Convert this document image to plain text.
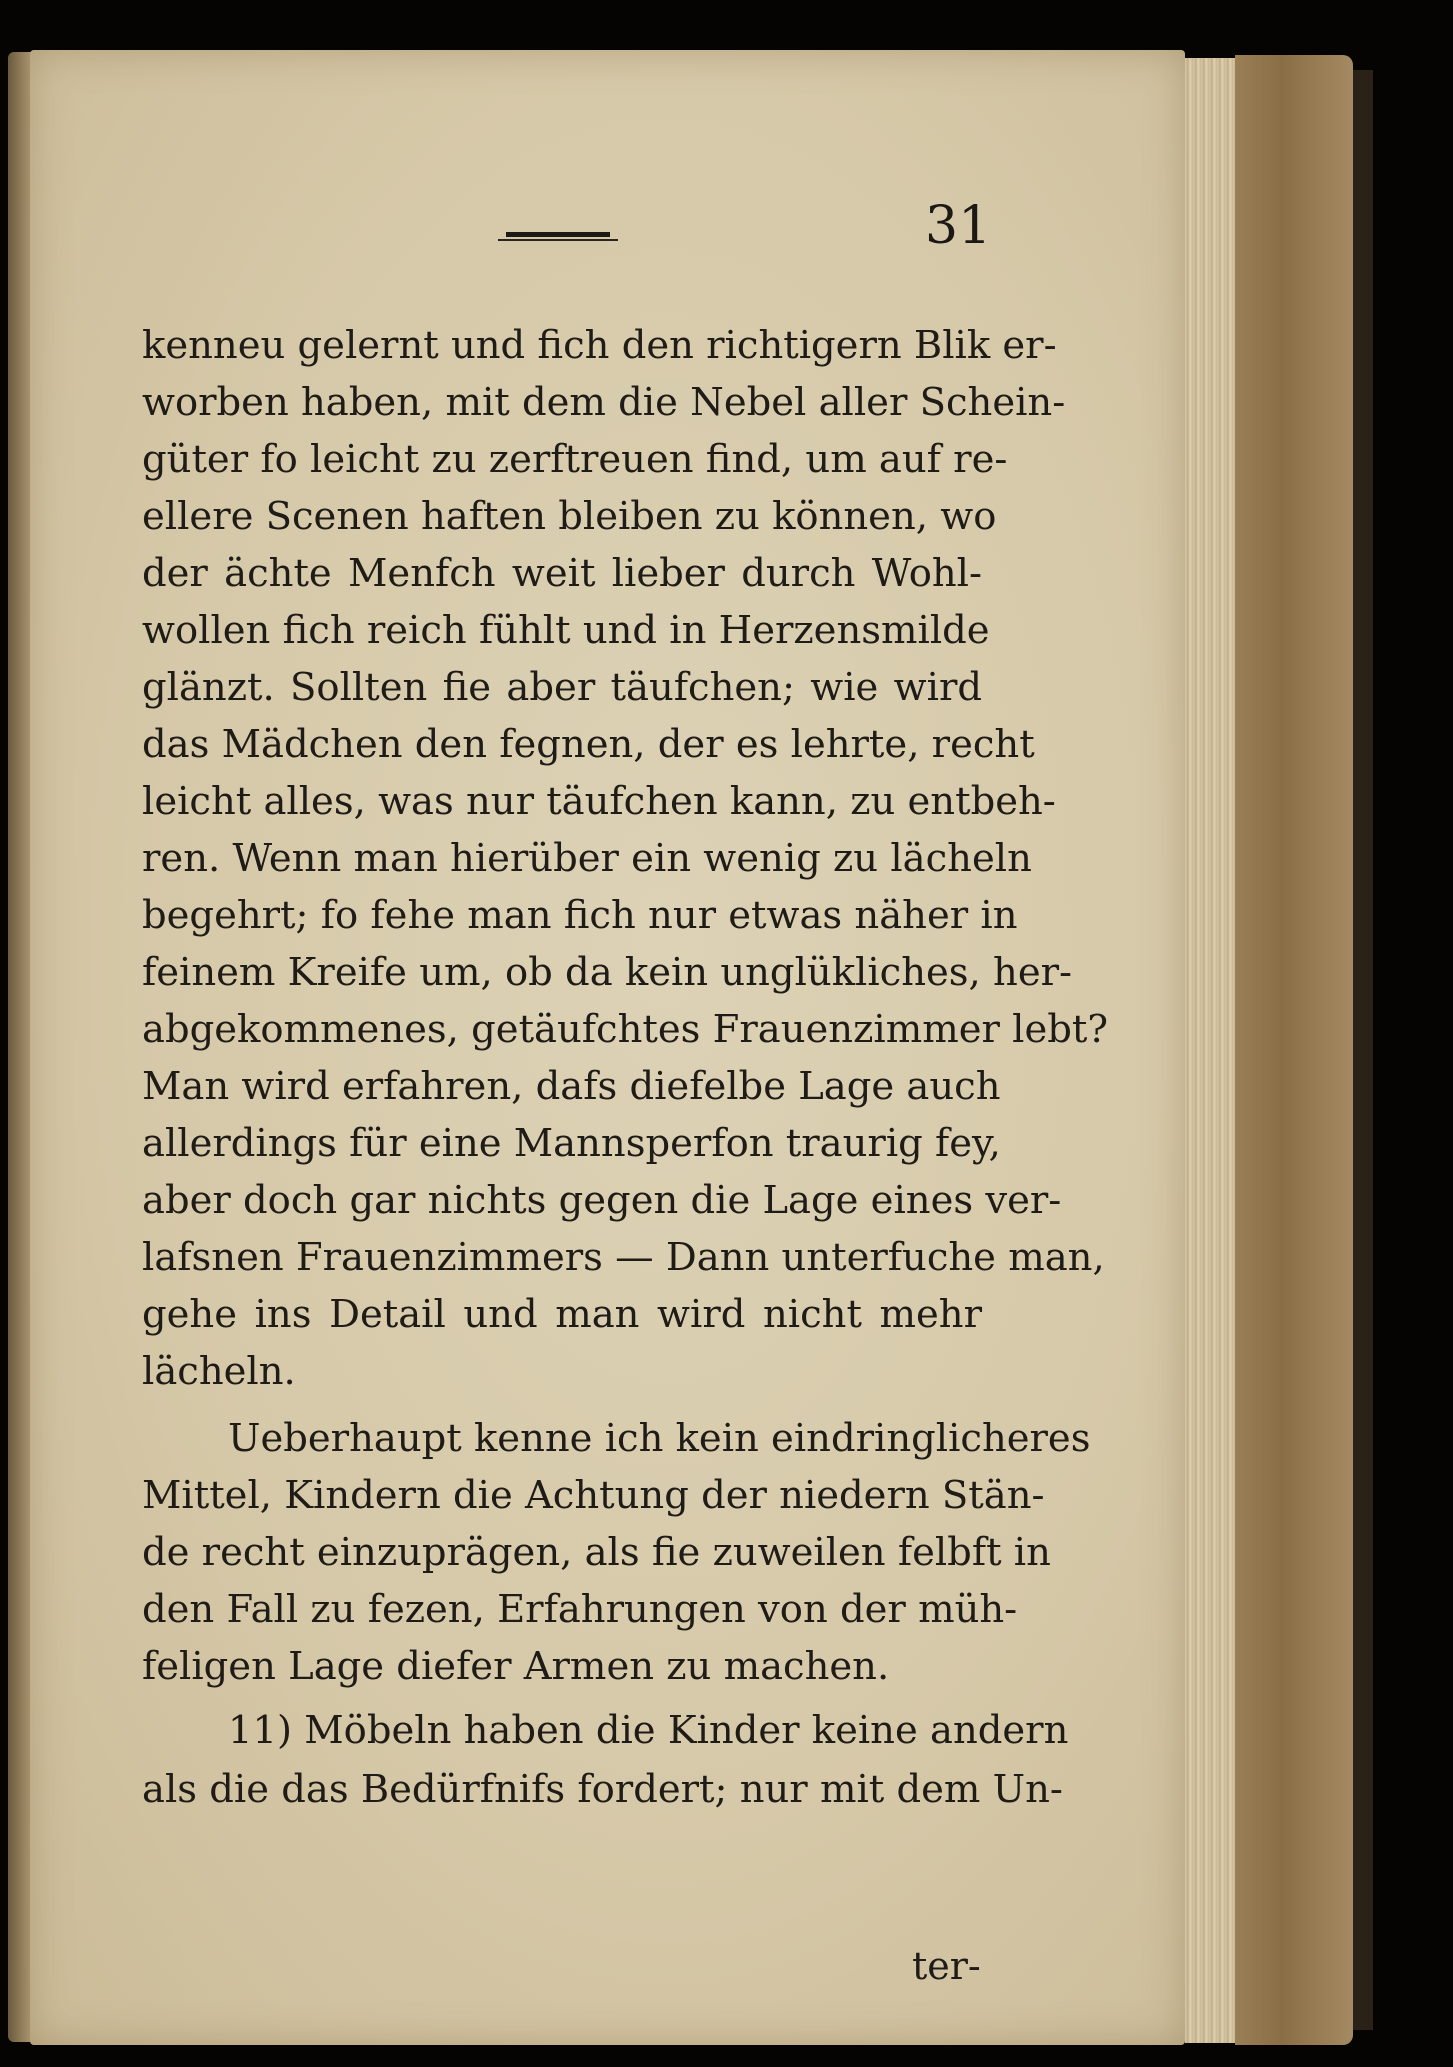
31
kenneu gelernt und fich den richtigern Blik er-
worben haben, mit dem die Nebel aller Schein-
güter fo leicht zu zerftreuen find, um auf re-
ellere Scenen haften bleiben zu können, wo
der ächte Menfch weit lieber durch Wohl-
wollen fich reich fühlt und in Herzensmilde
glänzt. Sollten fie aber täufchen; wie wird
das Mädchen den fegnen, der es lehrte, recht
leicht alles, was nur täufchen kann, zu entbeh-
ren. Wenn man hierüber ein wenig zu lächeln
begehrt; fo fehe man fich nur etwas näher in
feinem Kreife um, ob da kein unglükliches, her-
abgekommenes, getäufchtes Frauenzimmer lebt?
Man wird erfahren, dafs diefelbe Lage auch
allerdings für eine Mannsperfon traurig fey,
aber doch gar nichts gegen die Lage eines ver-
lafsnen Frauenzimmers — Dann unterfuche man,
gehe ins Detail und man wird nicht mehr
lächeln.
Ueberhaupt kenne ich kein eindringlicheres
Mittel, Kindern die Achtung der niedern Stän-
de recht einzuprägen, als fie zuweilen felbft in
den Fall zu fezen, Erfahrungen von der müh-
feligen Lage diefer Armen zu machen.
11) Möbeln haben die Kinder keine andern
als die das Bedürfnifs fordert; nur mit dem Un-
ter-
